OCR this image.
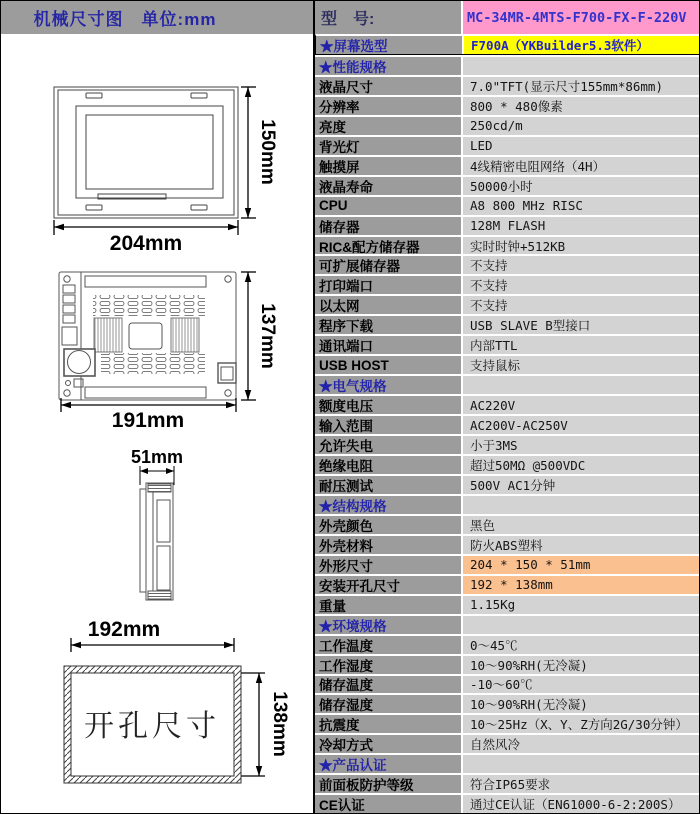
机械尺寸图　单位:mm
150mm
204mm
137mm
191mm
51mm
192mm
开孔尺寸	138mm
型　号:	MC-34MR-4MTS-F700-FX-F-220V
★屏幕选型	F700A（YKBuilder5.3软件）
★性能规格
液晶尺寸	7.0"TFT(显示尺寸155mm*86mm)
分辨率	800 * 480像素
亮度	250cd/m
背光灯	LED
触摸屏	4线精密电阻网络（4H）
液晶寿命	50000小时
CPU	A8 800 MHz RISC
储存器	128M FLASH
RIC&配方储存器	实时时钟+512KB
可扩展储存器	不支持
打印端口	不支持
以太网	不支持
程序下载	USB SLAVE B型接口
通讯端口	内部TTL
USB HOST	支持鼠标
★电气规格
额度电压	AC220V
输入范围	AC200V-AC250V
允许失电	小于3MS
绝缘电阻	超过50MΩ @500VDC
耐压测试	500V AC1分钟
★结构规格
外壳颜色	黑色
外壳材料	防火ABS塑料
外形尺寸	204 * 150 * 51mm
安装开孔尺寸	192 * 138mm
重量	1.15Kg
★环境规格
工作温度	0～45℃
工作湿度	10～90%RH(无冷凝)
储存温度	-10～60℃
储存湿度	10～90%RH(无冷凝)
抗震度	10～25Hz（X、Y、Z方向2G/30分钟）
冷却方式	自然风冷
★产品认证
前面板防护等级	符合IP65要求
CE认证	通过CE认证（EN61000-6-2:200S）
